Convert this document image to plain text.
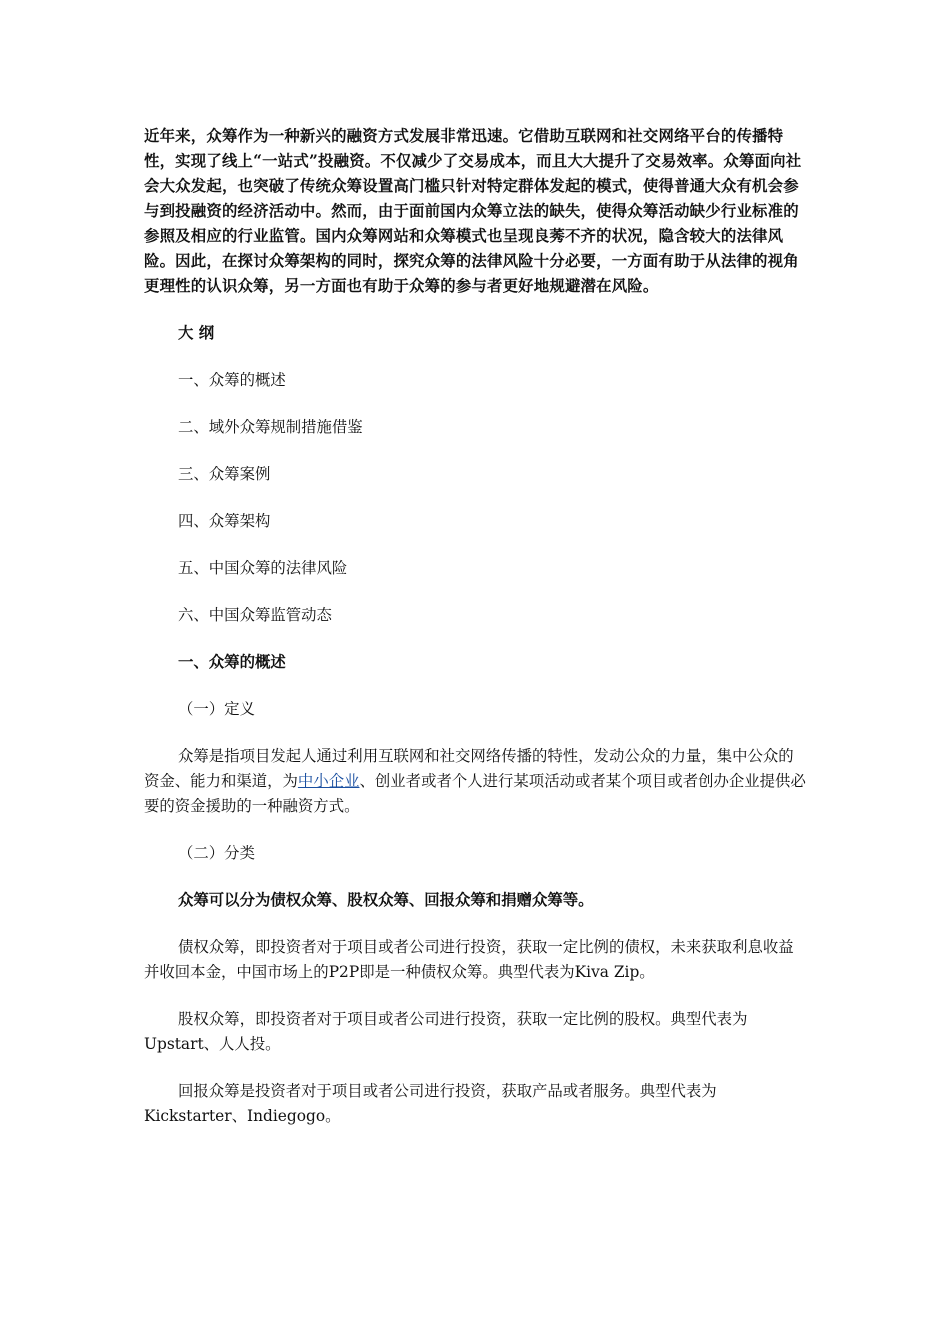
近年来，众筹作为一种新兴的融资方式发展非常迅速。它借助互联网和社交网络平台的传播特性，实现了线上“一站式”投融资。不仅减少了交易成本，而且大大提升了交易效率。众筹面向社会大众发起，也突破了传统众筹设置高门槛只针对特定群体发起的模式，使得普通大众有机会参与到投融资的经济活动中。然而，由于面前国内众筹立法的缺失，使得众筹活动缺少行业标准的参照及相应的行业监管。国内众筹网站和众筹模式也呈现良莠不齐的状况，隐含较大的法律风险。因此，在探讨众筹架构的同时，探究众筹的法律风险十分必要，一方面有助于从法律的视角更理性的认识众筹，另一方面也有助于众筹的参与者更好地规避潜在风险。

大 纲

一、众筹的概述

二、域外众筹规制措施借鉴

三、众筹案例

四、众筹架构

五、中国众筹的法律风险

六、中国众筹监管动态

一、众筹的概述

（一）定义

众筹是指项目发起人通过利用互联网和社交网络传播的特性，发动公众的力量，集中公众的资金、能力和渠道，为中小企业、创业者或者个人进行某项活动或者某个项目或者创办企业提供必要的资金援助的一种融资方式。

（二）分类

众筹可以分为债权众筹、股权众筹、回报众筹和捐赠众筹等。

债权众筹，即投资者对于项目或者公司进行投资，获取一定比例的债权，未来获取利息收益并收回本金，中国市场上的P2P即是一种债权众筹。典型代表为Kiva Zip。

股权众筹，即投资者对于项目或者公司进行投资，获取一定比例的股权。典型代表为Upstart、人人投。

回报众筹是投资者对于项目或者公司进行投资，获取产品或者服务。典型代表为Kickstarter、Indiegogo。
